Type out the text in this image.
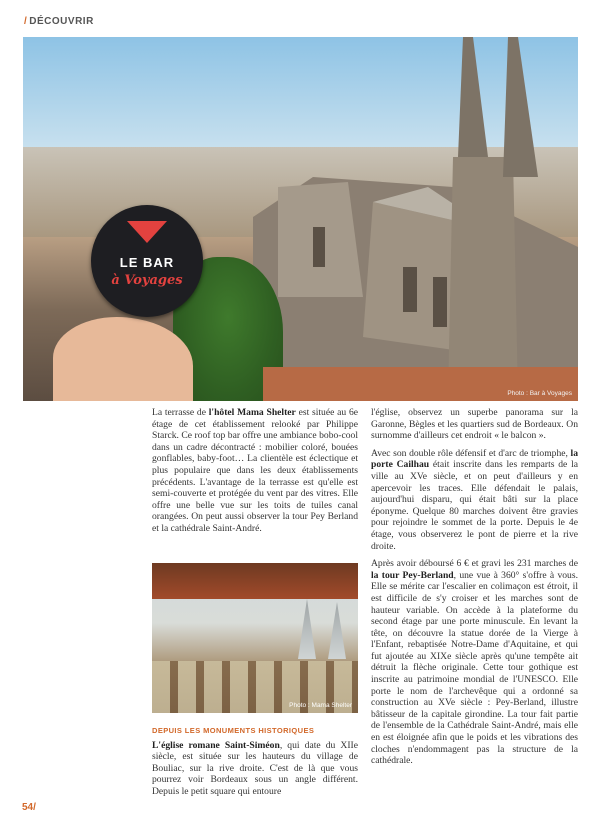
/ DÉCOUVRIR
LE BAR
à Voyages
Photo : Bar à Voyages

La terrasse de l'hôtel Mama Shelter est située au 6e étage de cet établissement relooké par Philippe Starck. Ce roof top bar offre une ambiance bobo-cool dans un cadre décontracté : mobilier coloré, bouées gonflables, baby-foot… La clientèle est éclectique et plus populaire que dans les deux établissements précédents. L'avantage de la terrasse est qu'elle est semi-couverte et protégée du vent par des vitres. Elle offre une belle vue sur les toits de tuiles canal orangées. On peut aussi observer la tour Pey Berland et la cathédrale Saint-André.

Photo : Mama Shelter
DEPUIS LES MONUMENTS HISTORIQUES

L'église romane Saint-Siméon, qui date du XIIe siècle, est située sur les hauteurs du village de Bouliac, sur la rive droite. C'est de là que vous pourrez voir Bordeaux sous un angle différent. Depuis le petit square qui entoure

l'église, observez un superbe panorama sur la Garonne, Bègles et les quartiers sud de Bordeaux. On surnomme d'ailleurs cet endroit « le balcon ».

Avec son double rôle défensif et d'arc de triomphe, la porte Cailhau était inscrite dans les remparts de la ville au XVe siècle, et on peut d'ailleurs y en apercevoir les traces. Elle défendait le palais, aujourd'hui disparu, qui était bâti sur la place éponyme. Quelque 80 marches doivent être gravies pour rejoindre le sommet de la porte. Depuis le 4e étage, vous observerez le pont de pierre et la rive droite.

Après avoir déboursé 6 € et gravi les 231 marches de la tour Pey-Berland, une vue à 360° s'offre à vous. Elle se mérite car l'escalier en colimaçon est étroit, il est difficile de s'y croiser et les marches sont de hauteur variable. On accède à la plateforme du second étage par une porte minuscule. En levant la tête, on découvre la statue dorée de la Vierge à l'Enfant, rebaptisée Notre-Dame d'Aquitaine, et qui fut ajoutée au XIXe siècle après qu'une tempête ait détruit la flèche originale. Cette tour gothique est inscrite au patrimoine mondial de l'UNESCO. Elle porte le nom de l'archevêque qui a ordonné sa construction au XVe siècle : Pey-Berland, illustre bâtisseur de la capitale girondine. La tour fait partie de l'ensemble de la Cathédrale Saint-André, mais elle en est éloignée afin que le poids et les vibrations des cloches n'endommagent pas la structure de la cathédrale.

54/
